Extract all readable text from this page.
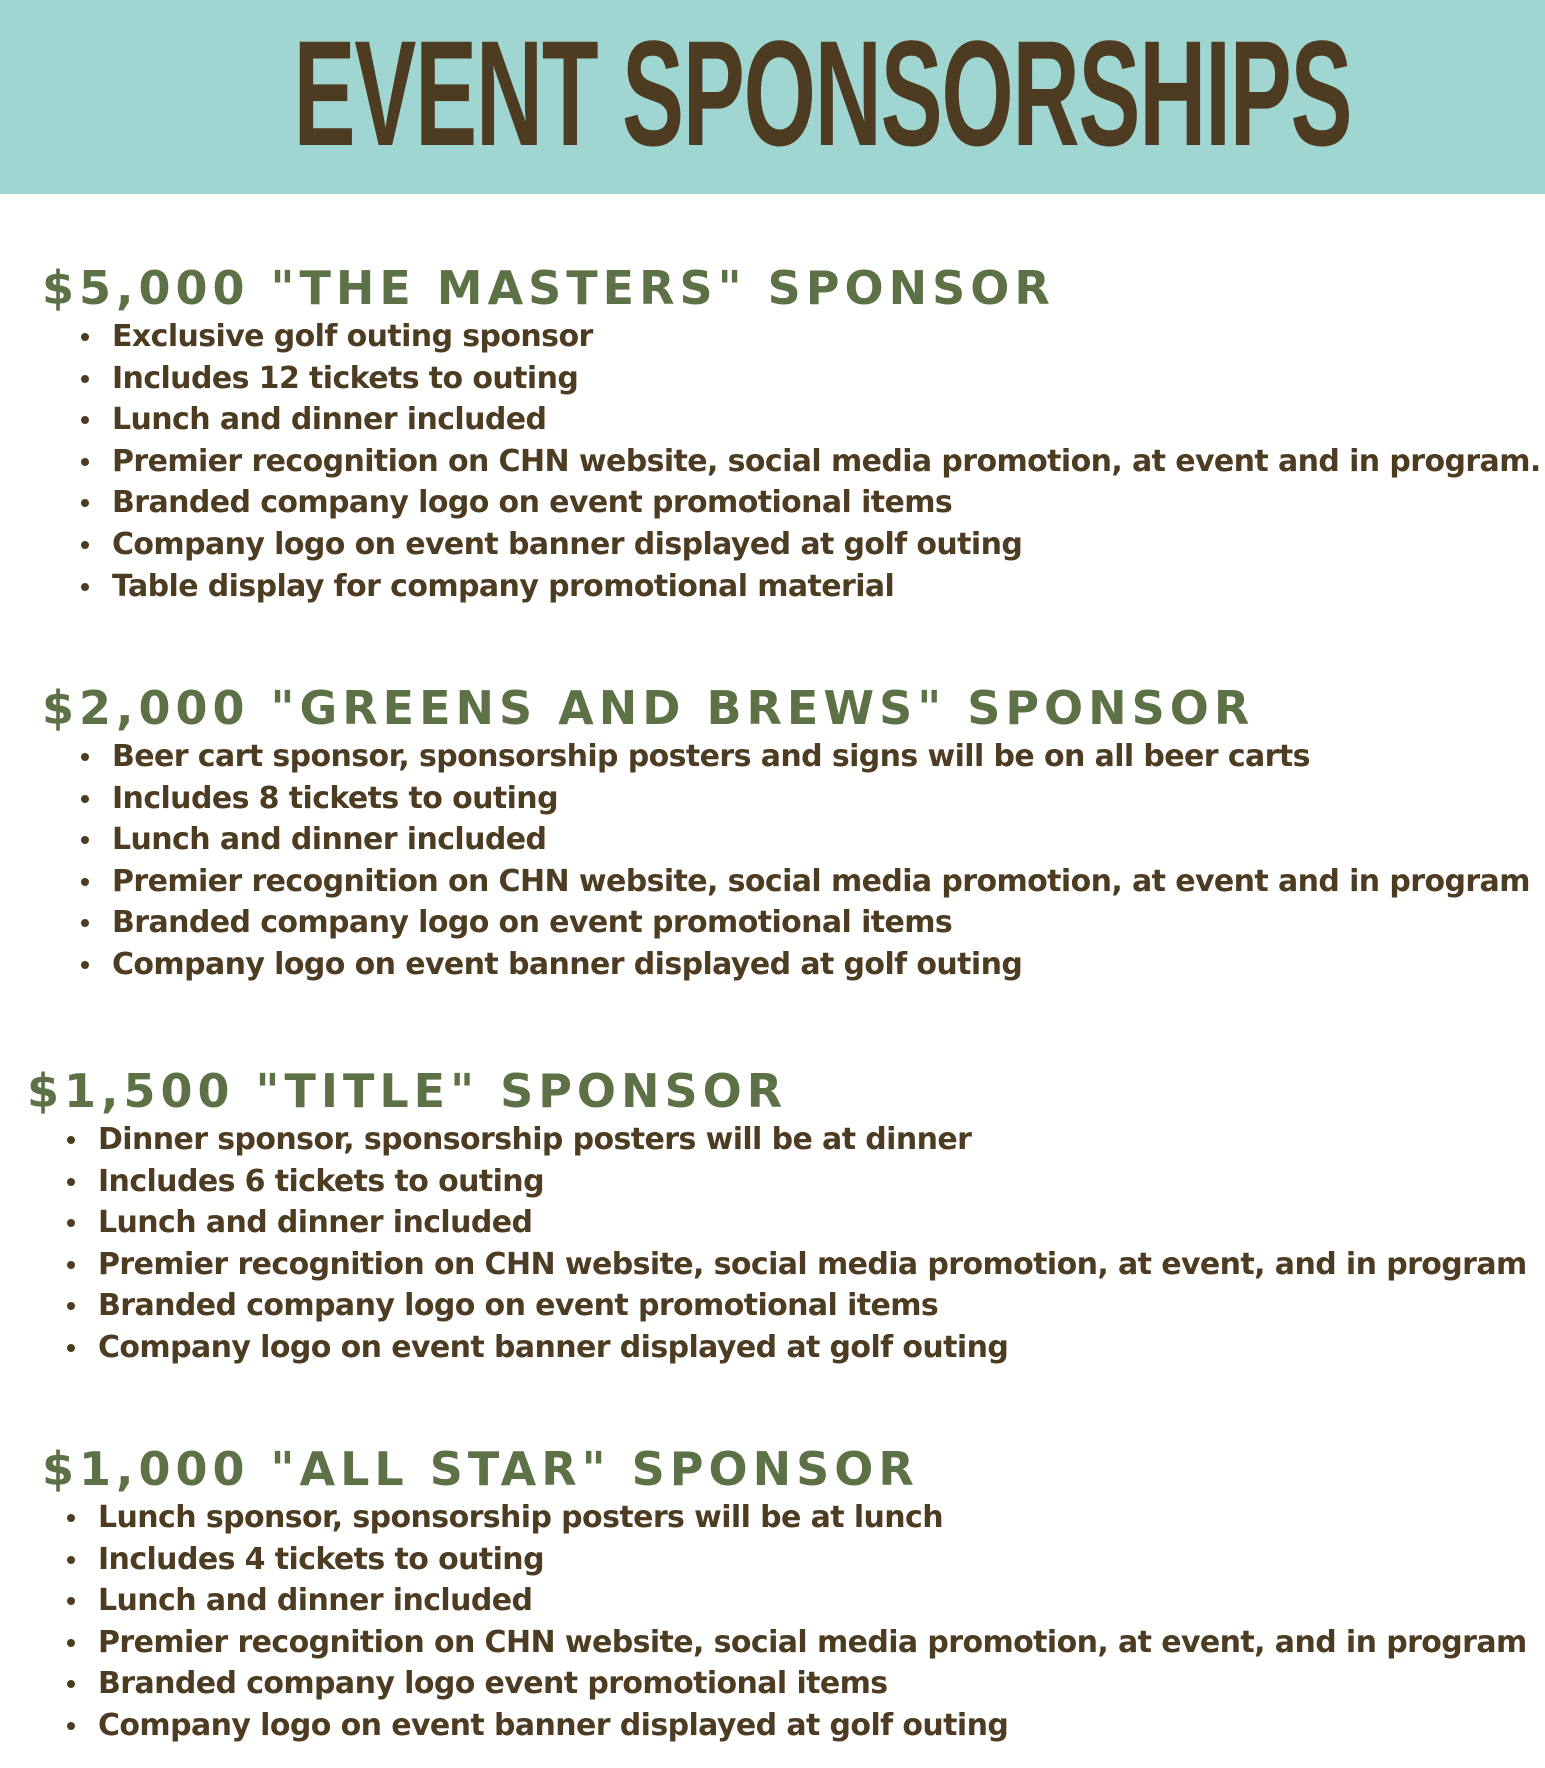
EVENT SPONSORSHIPS
$5,000 "THE MASTERS" SPONSOR
Exclusive golf outing sponsor
Includes 12 tickets to outing
Lunch and dinner included
Premier recognition on CHN website, social media promotion, at event and in program.
Branded company logo on event promotional items
Company logo on event banner displayed at golf outing
Table display for company promotional material
$2,000 "GREENS AND BREWS" SPONSOR
Beer cart sponsor, sponsorship posters and signs will be on all beer carts
Includes 8 tickets to outing
Lunch and dinner included
Premier recognition on CHN website, social media promotion, at event and in program
Branded company logo on event promotional items
Company logo on event banner displayed at golf outing
$1,500 "TITLE" SPONSOR
Dinner sponsor, sponsorship posters will be at dinner
Includes 6 tickets to outing
Lunch and dinner included
Premier recognition on CHN website, social media promotion, at event, and in program
Branded company logo on event promotional items
Company logo on event banner displayed at golf outing
$1,000 "ALL STAR" SPONSOR
Lunch sponsor, sponsorship posters will be at lunch
Includes 4 tickets to outing
Lunch and dinner included
Premier recognition on CHN website, social media promotion, at event, and in program
Branded company logo event promotional items
Company logo on event banner displayed at golf outing
